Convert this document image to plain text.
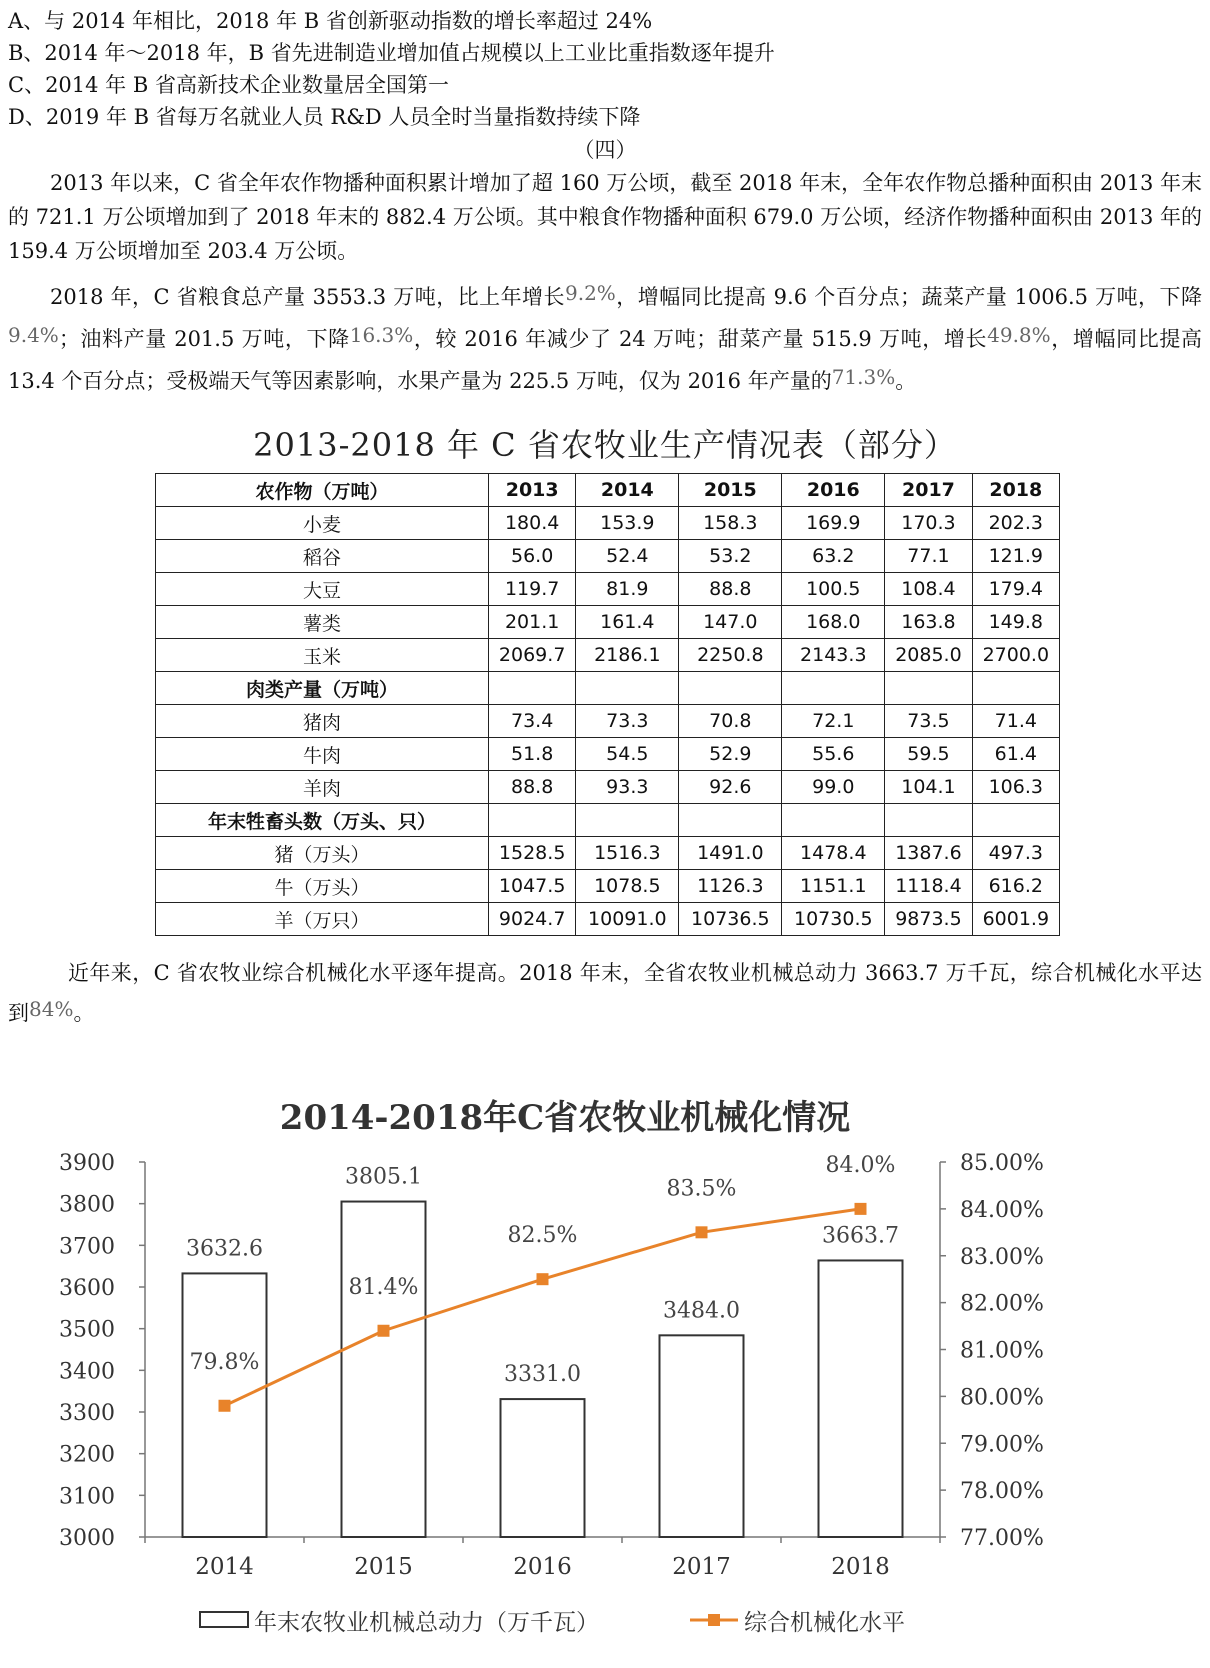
A、与 2014 年相比，2018 年 B 省创新驱动指数的增长率超过 24%
B、2014 年～2018 年，B 省先进制造业增加值占规模以上工业比重指数逐年提升
C、2014 年 B 省高新技术企业数量居全国第一
D、2019 年 B 省每万名就业人员 R&D 人员全时当量指数持续下降
（四）

2013 年以来，C 省全年农作物播种面积累计增加了超 160 万公顷，截至 2018 年末，全年农作物总播种面积由 2013 年末的 721.1 万公顷增加到了 2018 年末的 882.4 万公顷。其中粮食作物播种面积 679.0 万公顷，经济作物播种面积由 2013 年的 159.4 万公顷增加至 203.4 万公顷。

2018 年，C 省粮食总产量 3553.3 万吨，比上年增长9.2%，增幅同比提高 9.6 个百分点；蔬菜产量 1006.5 万吨，下降9.4%；油料产量 201.5 万吨，下降16.3%，较 2016 年减少了 24 万吨；甜菜产量 515.9 万吨，增长49.8%，增幅同比提高 13.4 个百分点；受极端天气等因素影响，水果产量为 225.5 万吨，仅为 2016 年产量的71.3%。

2013-2018 年 C 省农牧业生产情况表（部分）
农作物（万吨）	2013	2014	2015	2016	2017	2018
小麦	180.4	153.9	158.3	169.9	170.3	202.3
稻谷	56.0	52.4	53.2	63.2	77.1	121.9
大豆	119.7	81.9	88.8	100.5	108.4	179.4
薯类	201.1	161.4	147.0	168.0	163.8	149.8
玉米	2069.7	2186.1	2250.8	2143.3	2085.0	2700.0
肉类产量（万吨）						
猪肉	73.4	73.3	70.8	72.1	73.5	71.4
牛肉	51.8	54.5	52.9	55.6	59.5	61.4
羊肉	88.8	93.3	92.6	99.0	104.1	106.3
年末牲畜头数（万头、只）						
猪（万头）	1528.5	1516.3	1491.0	1478.4	1387.6	497.3
牛（万头）	1047.5	1078.5	1126.3	1151.1	1118.4	616.2
羊（万只）	9024.7	10091.0	10736.5	10730.5	9873.5	6001.9

近年来，C 省农牧业综合机械化水平逐年提高。2018 年末，全省农牧业机械总动力 3663.7 万千瓦，综合机械化水平达到84%。

2014-2018年C省农牧业机械化情况
3000
3100
3200
3300
3400
3500
3600
3700
3800
3900
77.00%
78.00%
79.00%
80.00%
81.00%
82.00%
83.00%
84.00%
85.00%
2014	2015	2016	2017	2018
3632.6
3805.1
3331.0
3484.0
3663.7
79.8%
81.4%
82.5%
83.5%
84.0%
年末农牧业机械总动力（万千瓦）	综合机械化水平
